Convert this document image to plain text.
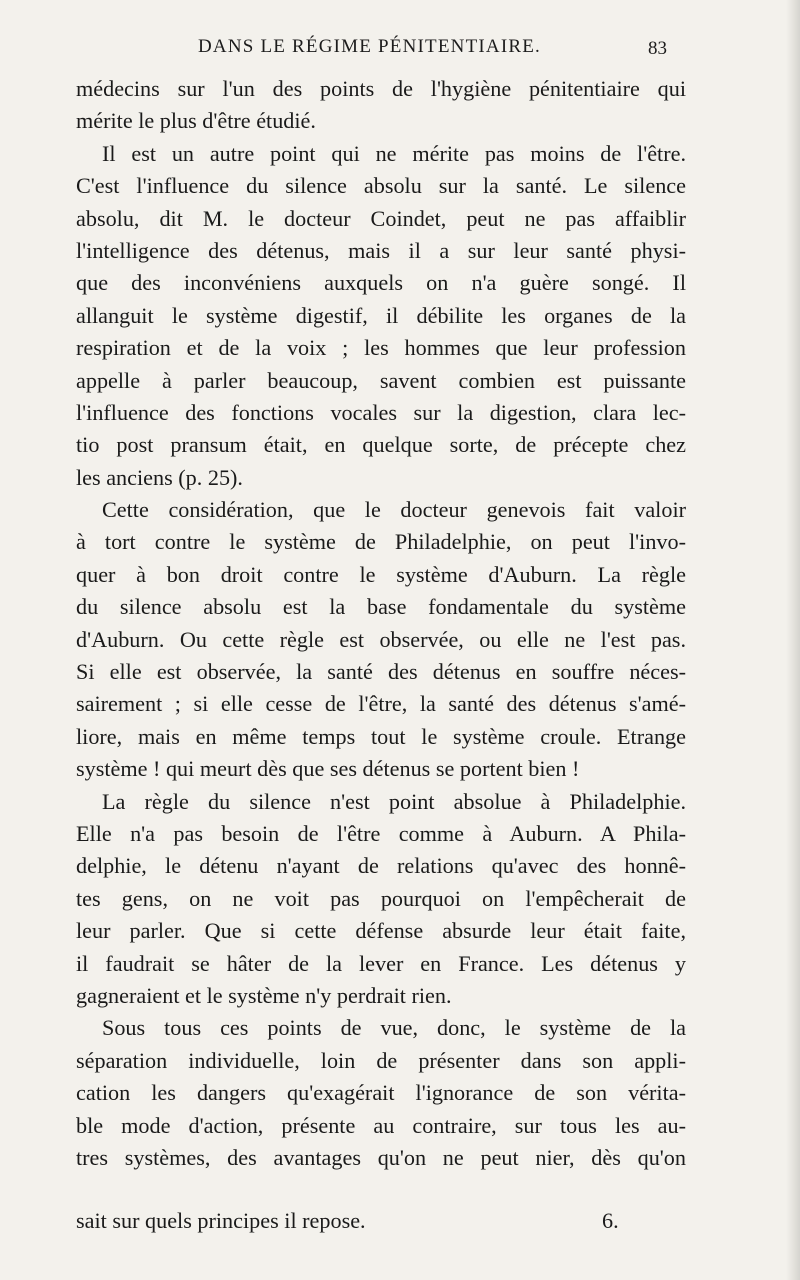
DANS LE RÉGIME PÉNITENTIAIRE.	83
médecins sur l'un des points de l'hygiène pénitentiaire qui
mérite le plus d'être étudié.
Il est un autre point qui ne mérite pas moins de l'être.
C'est l'influence du silence absolu sur la santé. Le silence
absolu, dit M. le docteur Coindet, peut ne pas affaiblir
l'intelligence des détenus, mais il a sur leur santé physi-
que des inconvéniens auxquels on n'a guère songé. Il
allanguit le système digestif, il débilite les organes de la
respiration et de la voix ; les hommes que leur profession
appelle à parler beaucoup, savent combien est puissante
l'influence des fonctions vocales sur la digestion, clara lec-
tio post pransum était, en quelque sorte, de précepte chez
les anciens (p. 25).
Cette considération, que le docteur genevois fait valoir
à tort contre le système de Philadelphie, on peut l'invo-
quer à bon droit contre le système d'Auburn. La règle
du silence absolu est la base fondamentale du système
d'Auburn. Ou cette règle est observée, ou elle ne l'est pas.
Si elle est observée, la santé des détenus en souffre néces-
sairement ; si elle cesse de l'être, la santé des détenus s'amé-
liore, mais en même temps tout le système croule. Etrange
système ! qui meurt dès que ses détenus se portent bien !
La règle du silence n'est point absolue à Philadelphie.
Elle n'a pas besoin de l'être comme à Auburn. A Phila-
delphie, le détenu n'ayant de relations qu'avec des honnê-
tes gens, on ne voit pas pourquoi on l'empêcherait de
leur parler. Que si cette défense absurde leur était faite,
il faudrait se hâter de la lever en France. Les détenus y
gagneraient et le système n'y perdrait rien.
Sous tous ces points de vue, donc, le système de la
séparation individuelle, loin de présenter dans son appli-
cation les dangers qu'exagérait l'ignorance de son vérita-
ble mode d'action, présente au contraire, sur tous les au-
tres systèmes, des avantages qu'on ne peut nier, dès qu'on
sait sur quels principes il repose.	6.
